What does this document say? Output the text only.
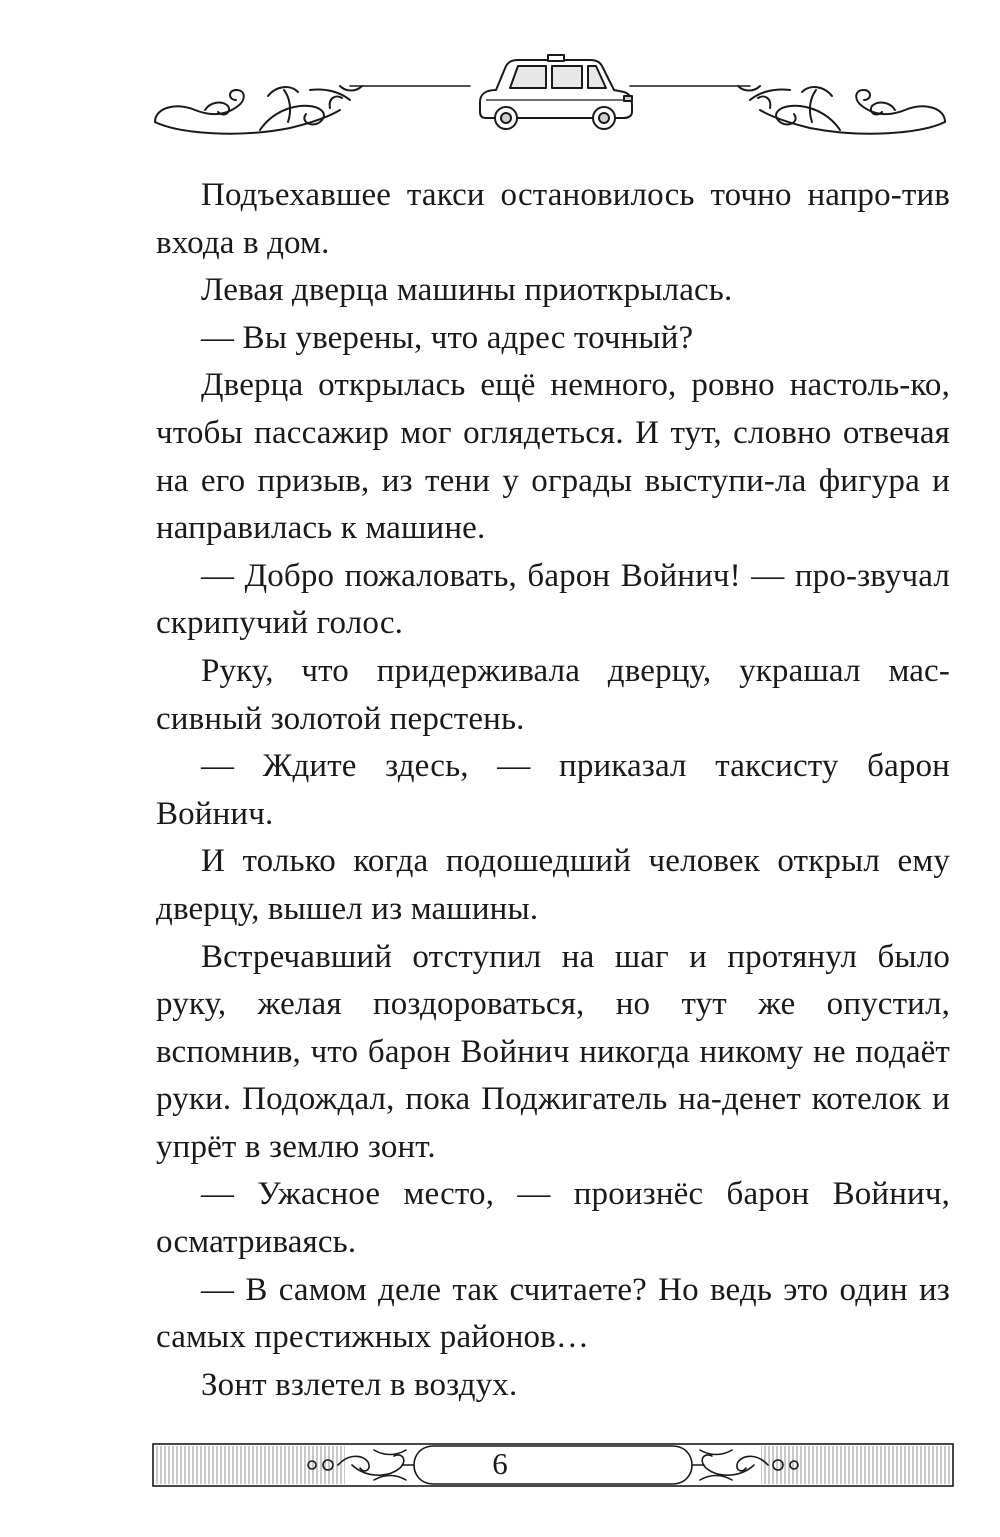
Подъехавшее такси остановилось точно напро-тив входа в дом.

Левая дверца машины приоткрылась.

— Вы уверены, что адрес точный?

Дверца открылась ещё немного, ровно настоль-ко, чтобы пассажир мог оглядеться. И тут, словно отвечая на его призыв, из тени у ограды выступи-ла фигура и направилась к машине.

— Добро пожаловать, барон Войнич! — про-звучал скрипучий голос.

Руку, что придерживала дверцу, украшал мас-сивный золотой перстень.

— Ждите здесь, — приказал таксисту барон Войнич.

И только когда подошедший человек открыл ему дверцу, вышел из машины.

Встречавший отступил на шаг и протянул было руку, желая поздороваться, но тут же опустил, вспомнив, что барон Войнич никогда никому не подаёт руки. Подождал, пока Поджигатель на-денет котелок и упрёт в землю зонт.

— Ужасное место, — произнёс барон Войнич, осматриваясь.

— В самом деле так считаете? Но ведь это один из самых престижных районов…

Зонт взлетел в воздух.

6
